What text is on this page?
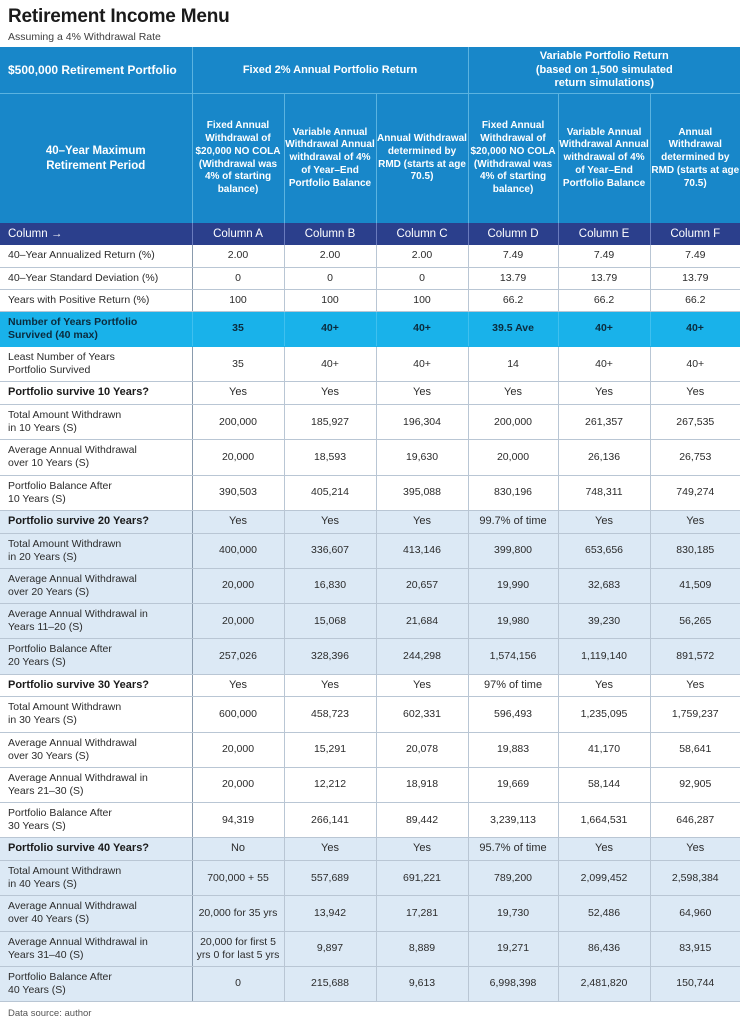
Retirement Income Menu
Assuming a 4% Withdrawal Rate
$500,000 Retirement Portfolio	Fixed 2% Annual Portfolio Return			Variable Portfolio Return
(based on 1,500 simulated
return simulations)		
40–Year Maximum
Retirement Period	Fixed Annual Withdrawal of $20,000 NO COLA (Withdrawal was 4% of starting balance)	Variable Annual Withdrawal Annual withdrawal of 4% of Year–End Portfolio Balance	Annual Withdrawal determined by RMD (starts at age 70.5)	Fixed Annual Withdrawal of $20,000 NO COLA (Withdrawal was 4% of starting balance)	Variable Annual Withdrawal Annual withdrawal of 4% of Year–End Portfolio Balance	Annual Withdrawal determined by RMD (starts at age 70.5)
Column →	Column A	Column B	Column C	Column D	Column E	Column F
40–Year Annualized Return (%)	2.00	2.00	2.00	7.49	7.49	7.49
40–Year Standard Deviation (%)	0	0	0	13.79	13.79	13.79
Years with Positive Return (%)	100	100	100	66.2	66.2	66.2
Number of Years Portfolio
Survived (40 max)	35	40+	40+	39.5 Ave	40+	40+
Least Number of Years
Portfolio Survived	35	40+	40+	14	40+	40+
Portfolio survive 10 Years?	Yes	Yes	Yes	Yes	Yes	Yes
Total Amount Withdrawn
in 10 Years (S)	200,000	185,927	196,304	200,000	261,357	267,535
Average Annual Withdrawal
over 10 Years (S)	20,000	18,593	19,630	20,000	26,136	26,753
Portfolio Balance After
10 Years (S)	390,503	405,214	395,088	830,196	748,311	749,274
Portfolio survive 20 Years?	Yes	Yes	Yes	99.7% of time	Yes	Yes
Total Amount Withdrawn
in 20 Years (S)	400,000	336,607	413,146	399,800	653,656	830,185
Average Annual Withdrawal
over 20 Years (S)	20,000	16,830	20,657	19,990	32,683	41,509
Average Annual Withdrawal in
Years 11–20 (S)	20,000	15,068	21,684	19,980	39,230	56,265
Portfolio Balance After
20 Years (S)	257,026	328,396	244,298	1,574,156	1,119,140	891,572
Portfolio survive 30 Years?	Yes	Yes	Yes	97% of time	Yes	Yes
Total Amount Withdrawn
in 30 Years (S)	600,000	458,723	602,331	596,493	1,235,095	1,759,237
Average Annual Withdrawal
over 30 Years (S)	20,000	15,291	20,078	19,883	41,170	58,641
Average Annual Withdrawal in
Years 21–30 (S)	20,000	12,212	18,918	19,669	58,144	92,905
Portfolio Balance After
30 Years (S)	94,319	266,141	89,442	3,239,113	1,664,531	646,287
Portfolio survive 40 Years?	No	Yes	Yes	95.7% of time	Yes	Yes
Total Amount Withdrawn
in 40 Years (S)	700,000 + 55	557,689	691,221	789,200	2,099,452	2,598,384
Average Annual Withdrawal
over 40 Years (S)	20,000 for 35 yrs	13,942	17,281	19,730	52,486	64,960
Average Annual Withdrawal in
Years 31–40 (S)	20,000 for first 5 yrs 0 for last 5 yrs	9,897	8,889	19,271	86,436	83,915
Portfolio Balance After
40 Years (S)	0	215,688	9,613	6,998,398	2,481,820	150,744
Data source: author
